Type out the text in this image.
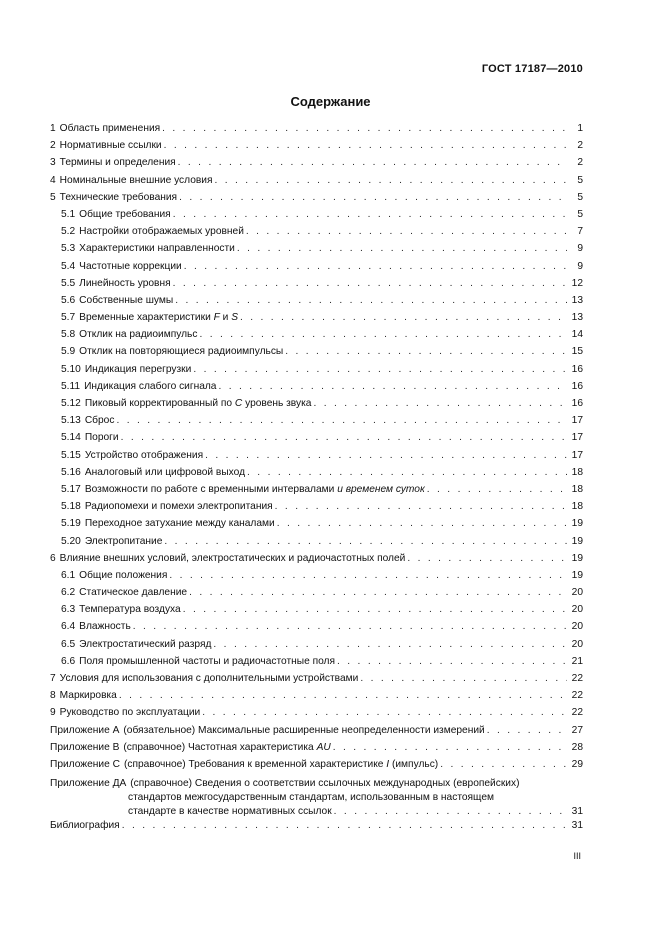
ГОСТ 17187—2010
Содержание
1 Область применения . . .	1
2 Нормативные ссылки . . .	2
3 Термины и определения . . .	2
4 Номинальные внешние условия . . .	5
5 Технические требования . . .	5
5.1 Общие требования . . .	5
5.2 Настройки отображаемых уровней . . .	7
5.3 Характеристики направленности . . .	9
5.4 Частотные коррекции . . .	9
5.5 Линейность уровня . . .	12
5.6 Собственные шумы . . .	13
5.7 Временные характеристики F и S . . .	13
5.8 Отклик на радиоимпульс . . .	14
5.9 Отклик на повторяющиеся радиоимпульсы . . .	15
5.10 Индикация перегрузки . . .	16
5.11 Индикация слабого сигнала . . .	16
5.12 Пиковый корректированный по C уровень звука . . .	16
5.13 Сброс . . .	17
5.14 Пороги . . .	17
5.15 Устройство отображения . . .	17
5.16 Аналоговый или цифровой выход . . .	18
5.17 Возможности по работе с временными интервалами и временем суток . . .	18
5.18 Радиопомехи и помехи электропитания . . .	18
5.19 Переходное затухание между каналами . . .	19
5.20 Электропитание . . .	19
6 Влияние внешних условий, электростатических и радиочастотных полей . . .	19
6.1 Общие положения . . .	19
6.2 Статическое давление . . .	20
6.3 Температура воздуха . . .	20
6.4 Влажность . . .	20
6.5 Электростатический разряд . . .	20
6.6 Поля промышленной частоты и радиочастотные поля . . .	21
7 Условия для использования с дополнительными устройствами . . .	22
8 Маркировка . . .	22
9 Руководство по эксплуатации . . .	22
Приложение А (обязательное) Максимальные расширенные неопределенности измерений . . .	27
Приложение В (справочное) Частотная характеристика AU . . .	28
Приложение С (справочное) Требования к временной характеристике I (импульс) . . .	29
Приложение ДА (справочное) Сведения о соответствии ссылочных международных (европейских)
стандартов межгосударственным стандартам, использованным в настоящем
стандарте в качестве нормативных ссылок . . .	31
Библиография . . .	31
III
